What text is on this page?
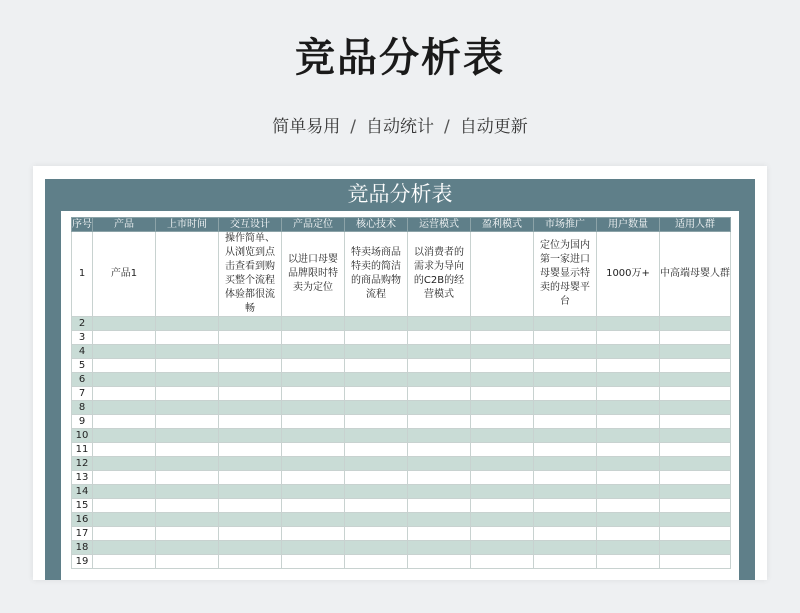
竞品分析表
简单易用 / 自动统计 / 自动更新
竞品分析表
序号	产品	上市时间	交互设计	产品定位	核心技术	运营模式	盈利模式	市场推广	用户数量	适用人群
1	产品1		操作简单、从浏览到点击查看到购买整个流程体验都很流畅	以进口母婴品牌限时特卖为定位	特卖场商品特卖的简洁的商品购物流程	以消费者的需求为导向的C2B的经营模式		定位为国内第一家进口母婴显示特卖的母婴平台	1000万+	中高端母婴人群

2										
3										
4										
5										
6										
7										
8										
9										
10										
11										
12										
13										
14										
15										
16										
17										
18										
19										
